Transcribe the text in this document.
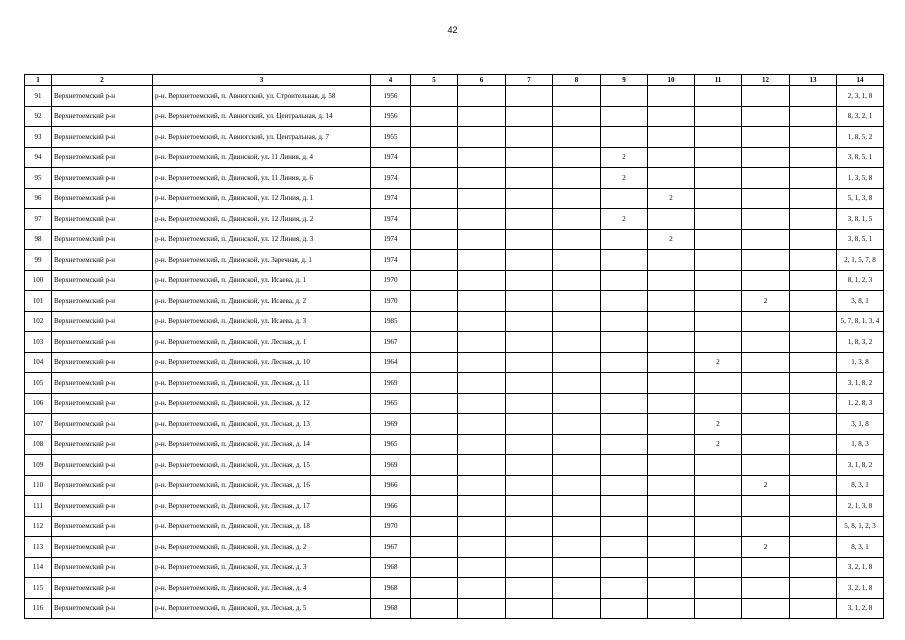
42
1	2	3	4	5	6	7	8	9	10	11	12	13	14
91	Верхнетоемский р-н	р-н. Верхнетоемский, п. Авнюгский, ул. Строительная, д. 58	1956										2, 3, 1, 8
92	Верхнетоемский р-н	р-н. Верхнетоемский, п. Авнюгский, ул. Центральная, д. 14	1956										8, 3, 2, 1
93	Верхнетоемский р-н	р-н. Верхнетоемский, п. Авнюгский, ул. Центральная, д. 7	1955										1, 8, 5, 2
94	Верхнетоемский р-н	р-н. Верхнетоемский, п. Двинской, ул. 11 Линия, д. 4	1974					2					3, 8, 5, 1
95	Верхнетоемский р-н	р-н. Верхнетоемский, п. Двинской, ул. 11 Линия, д. 6	1974					2					1, 3, 5, 8
96	Верхнетоемский р-н	р-н. Верхнетоемский, п. Двинской, ул. 12 Линия, д. 1	1974						2				5, 1, 3, 8
97	Верхнетоемский р-н	р-н. Верхнетоемский, п. Двинской, ул. 12 Линия, д. 2	1974					2					3, 8, 1, 5
98	Верхнетоемский р-н	р-н. Верхнетоемский, п. Двинской, ул. 12 Линия, д. 3	1974						2				3, 8, 5, 1
99	Верхнетоемский р-н	р-н. Верхнетоемский, п. Двинской, ул. Заречная, д. 1	1974										2, 1, 5, 7, 8
100	Верхнетоемский р-н	р-н. Верхнетоемский, п. Двинской, ул. Исаева, д. 1	1970										8, 1, 2, 3
101	Верхнетоемский р-н	р-н. Верхнетоемский, п. Двинской, ул. Исаева, д. 2	1970								2		3, 8, 1
102	Верхнетоемский р-н	р-н. Верхнетоемский, п. Двинской, ул. Исаева, д. 3	1985										5, 7, 8, 1, 3, 4
103	Верхнетоемский р-н	р-н. Верхнетоемский, п. Двинской, ул. Лесная, д. 1	1967										1, 8, 3, 2
104	Верхнетоемский р-н	р-н. Верхнетоемский, п. Двинской, ул. Лесная, д. 10	1964							2			1, 3, 8
105	Верхнетоемский р-н	р-н. Верхнетоемский, п. Двинской, ул. Лесная, д. 11	1969										3, 1, 8, 2
106	Верхнетоемский р-н	р-н. Верхнетоемский, п. Двинской, ул. Лесная, д. 12	1965										1, 2, 8, 3
107	Верхнетоемский р-н	р-н. Верхнетоемский, п. Двинской, ул. Лесная, д. 13	1969							2			3, 1, 8
108	Верхнетоемский р-н	р-н. Верхнетоемский, п. Двинской, ул. Лесная, д. 14	1965							2			1, 8, 3
109	Верхнетоемский р-н	р-н. Верхнетоемский, п. Двинской, ул. Лесная, д. 15	1969										3, 1, 8, 2
110	Верхнетоемский р-н	р-н. Верхнетоемский, п. Двинской, ул. Лесная, д. 16	1966								2		8, 3, 1
111	Верхнетоемский р-н	р-н. Верхнетоемский, п. Двинской, ул. Лесная, д. 17	1966										2, 1, 3, 8
112	Верхнетоемский р-н	р-н. Верхнетоемский, п. Двинской, ул. Лесная, д. 18	1970										5, 8, 1, 2, 3
113	Верхнетоемский р-н	р-н. Верхнетоемский, п. Двинской, ул. Лесная, д. 2	1967								2		8, 3, 1
114	Верхнетоемский р-н	р-н. Верхнетоемский, п. Двинской, ул. Лесная, д. 3	1968										3, 2, 1, 8
115	Верхнетоемский р-н	р-н. Верхнетоемский, п. Двинской, ул. Лесная, д. 4	1968										3, 2, 1, 8
116	Верхнетоемский р-н	р-н. Верхнетоемский, п. Двинской, ул. Лесная, д. 5	1968										3, 1, 2, 8
